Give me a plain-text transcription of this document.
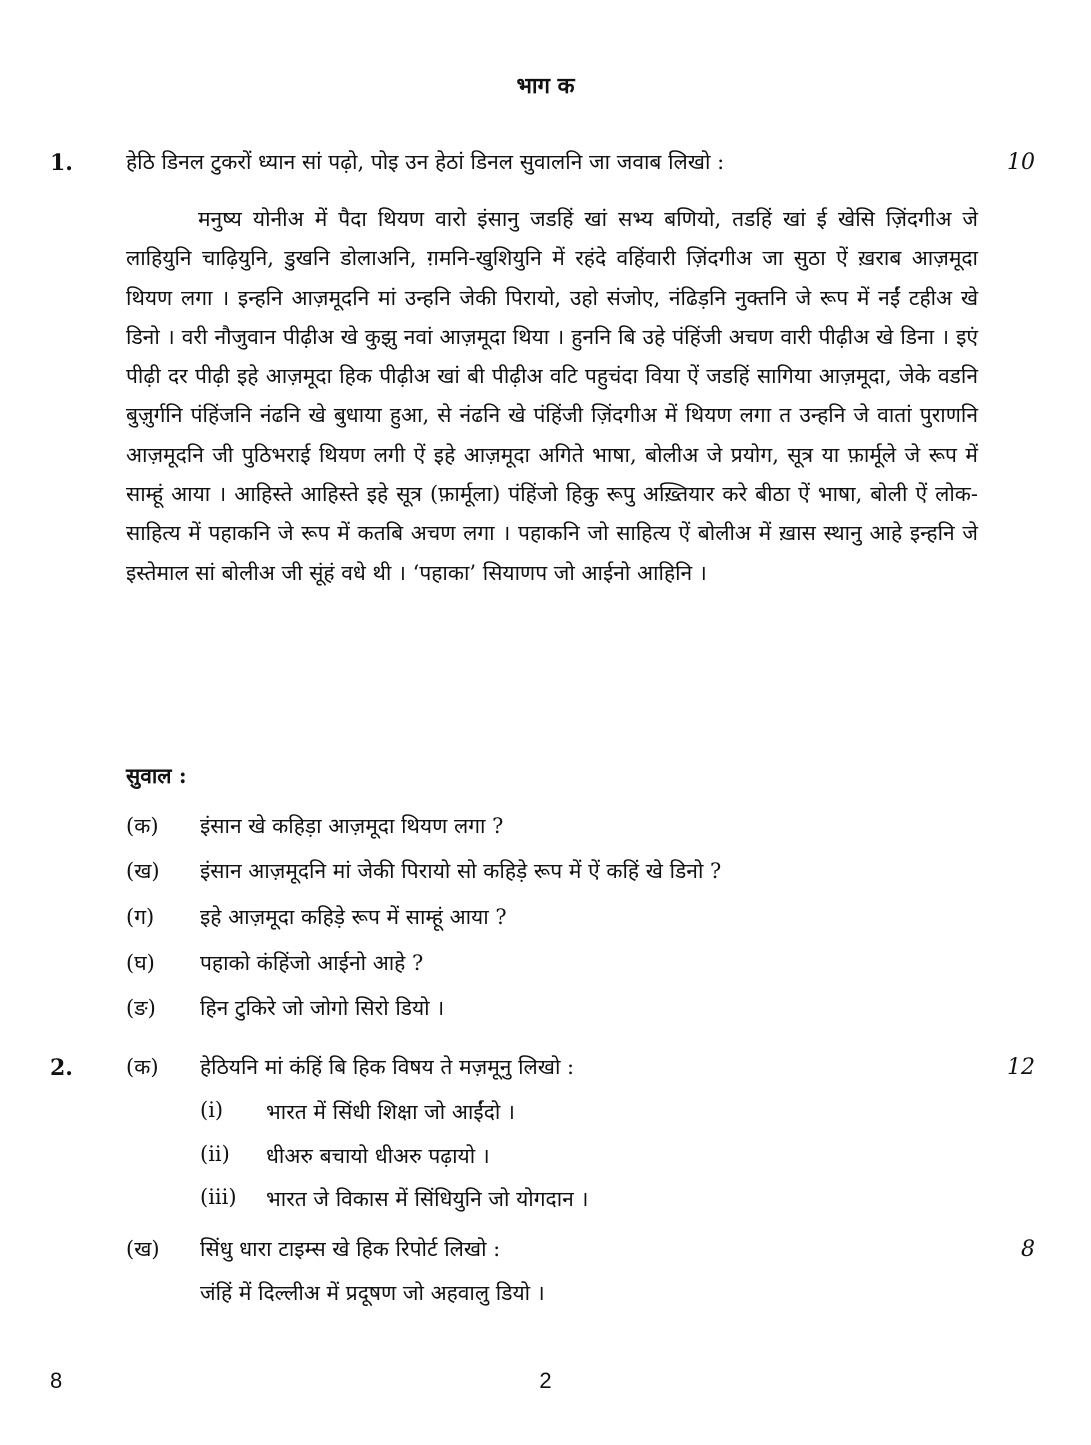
भाग क
1.	हेठि डिनल टुकरों ध्यान सां पढ़ो, पोइ उन हेठां डिनल सुवालनि जा जवाब लिखो :	10

मनुष्य योनीअ में पैदा थियण वारो इंसानु जडहिं खां सभ्य बणियो, तडहिं खां ई खेसि ज़िंदगीअ जे लाहियुनि चाढ़ियुनि, डुखनि डोलाअनि, ग़मनि-खुशियुनि में रहंदे वहिंवारी ज़िंदगीअ जा सुठा ऐं ख़राब आज़मूदा थियण लगा । इन्हनि आज़मूदनि मां उन्हनि जेकी पिरायो, उहो संजोए, नंढिड़नि नुक्तनि जे रूप में नईं टहीअ खे डिनो । वरी नौजुवान पीढ़ीअ खे कुझु नवां आज़मूदा थिया । हुननि बि उहे पंहिंजी अचण वारी पीढ़ीअ खे डिना । इएं पीढ़ी दर पीढ़ी इहे आज़मूदा हिक पीढ़ीअ खां बी पीढ़ीअ वटि पहुचंदा विया ऐं जडहिं सागिया आज़मूदा, जेके वडनि बुज़ुर्गनि पंहिंजनि नंढनि खे बुधाया हुआ, से नंढनि खे पंहिंजी ज़िंदगीअ में थियण लगा त उन्हनि जे वातां पुराणनि आज़मूदनि जी पुठिभराई थियण लगी ऐं इहे आज़मूदा अगिते भाषा, बोलीअ जे प्रयोग, सूत्र या फ़ार्मूले जे रूप में साम्हूं आया । आहिस्ते आहिस्ते इहे सूत्र (फ़ार्मूला) पंहिंजो हिकु रूपु अख़्तियार करे बीठा ऐं भाषा, बोली ऐं लोक-साहित्य में पहाकनि जे रूप में कतबि अचण लगा । पहाकनि जो साहित्य ऐं बोलीअ में ख़ास स्थानु आहे इन्हनि जे इस्तेमाल सां बोलीअ जी सूंहं वधे थी । ‘पहाका’ सियाणप जो आईनो आहिनि ।

सुवाल :
(क) इंसान खे कहिड़ा आज़मूदा थियण लगा ?
(ख) इंसान आज़मूदनि मां जेकी पिरायो सो कहिड़े रूप में ऐं कहिं खे डिनो ?
(ग) इहे आज़मूदा कहिड़े रूप में साम्हूं आया ?
(घ) पहाको कंहिंजो आईनो आहे ?
(ङ) हिन टुकिरे जो जोगो सिरो डियो ।
2.	(क) हेठियनि मां कंहिं बि हिक विषय ते मज़मूनु लिखो :	12
(i) भारत में सिंधी शिक्षा जो आईंदो ।
(ii) धीअरु बचायो धीअरु पढ़ायो ।
(iii) भारत जे विकास में सिंधियुनि जो योगदान ।
(ख) सिंधु धारा टाइम्स खे हिक रिपोर्ट लिखो :	8
जंहिं में दिल्लीअ में प्रदूषण जो अहवालु डियो ।
8	2
